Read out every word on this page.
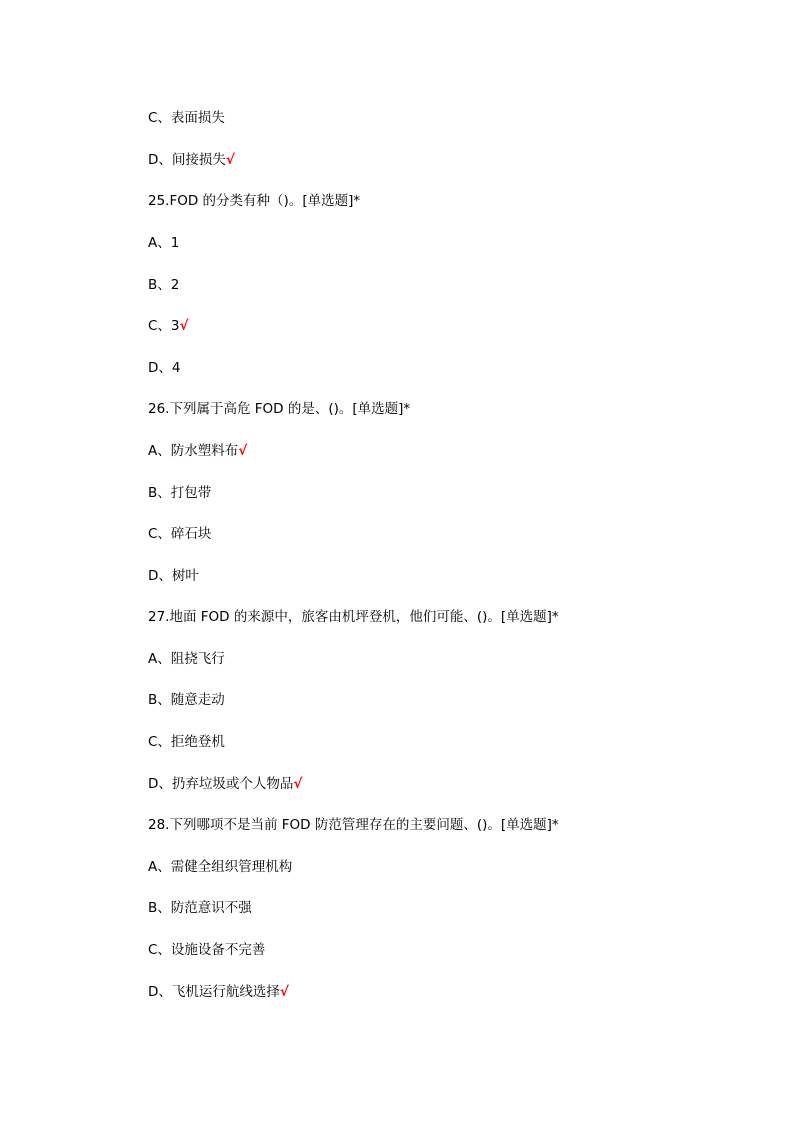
C、表面损失
D、间接损失√
25.FOD 的分类有种（)。[单选题]*
A、1
B、2
C、3√
D、4
26.下列属于高危 FOD 的是、()。[单选题]*
A、防水塑料布√
B、打包带
C、碎石块
D、树叶
27.地面 FOD 的来源中，旅客由机坪登机，他们可能、()。[单选题]*
A、阻挠飞行
B、随意走动
C、拒绝登机
D、扔弃垃圾或个人物品√
28.下列哪项不是当前 FOD 防范管理存在的主要问题、()。[单选题]*
A、需健全组织管理机构
B、防范意识不强
C、设施设备不完善
D、飞机运行航线选择√
